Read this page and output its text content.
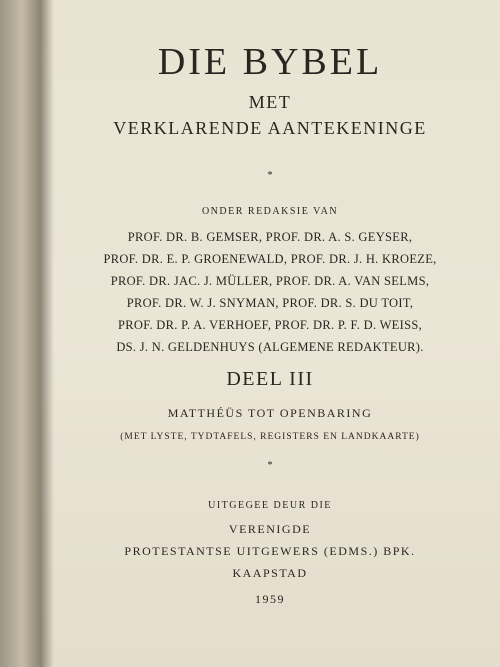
DIE BYBEL
MET
VERKLARENDE AANTEKENINGE
*
ONDER REDAKSIE VAN
PROF. DR. B. GEMSER, PROF. DR. A. S. GEYSER,
PROF. DR. E. P. GROENEWALD, PROF. DR. J. H. KROEZE,
PROF. DR. JAC. J. MÜLLER, PROF. DR. A. VAN SELMS,
PROF. DR. W. J. SNYMAN, PROF. DR. S. DU TOIT,
PROF. DR. P. A. VERHOEF, PROF. DR. P. F. D. WEISS,
DS. J. N. GELDENHUYS (ALGEMENE REDAKTEUR).
DEEL III
MATTHÉÜS TOT OPENBARING
(MET LYSTE, TYDTAFELS, REGISTERS EN LANDKAARTE)
*
UITGEGEE DEUR DIE
VERENIGDE
PROTESTANTSE UITGEWERS (EDMS.) BPK.
KAAPSTAD
1959
